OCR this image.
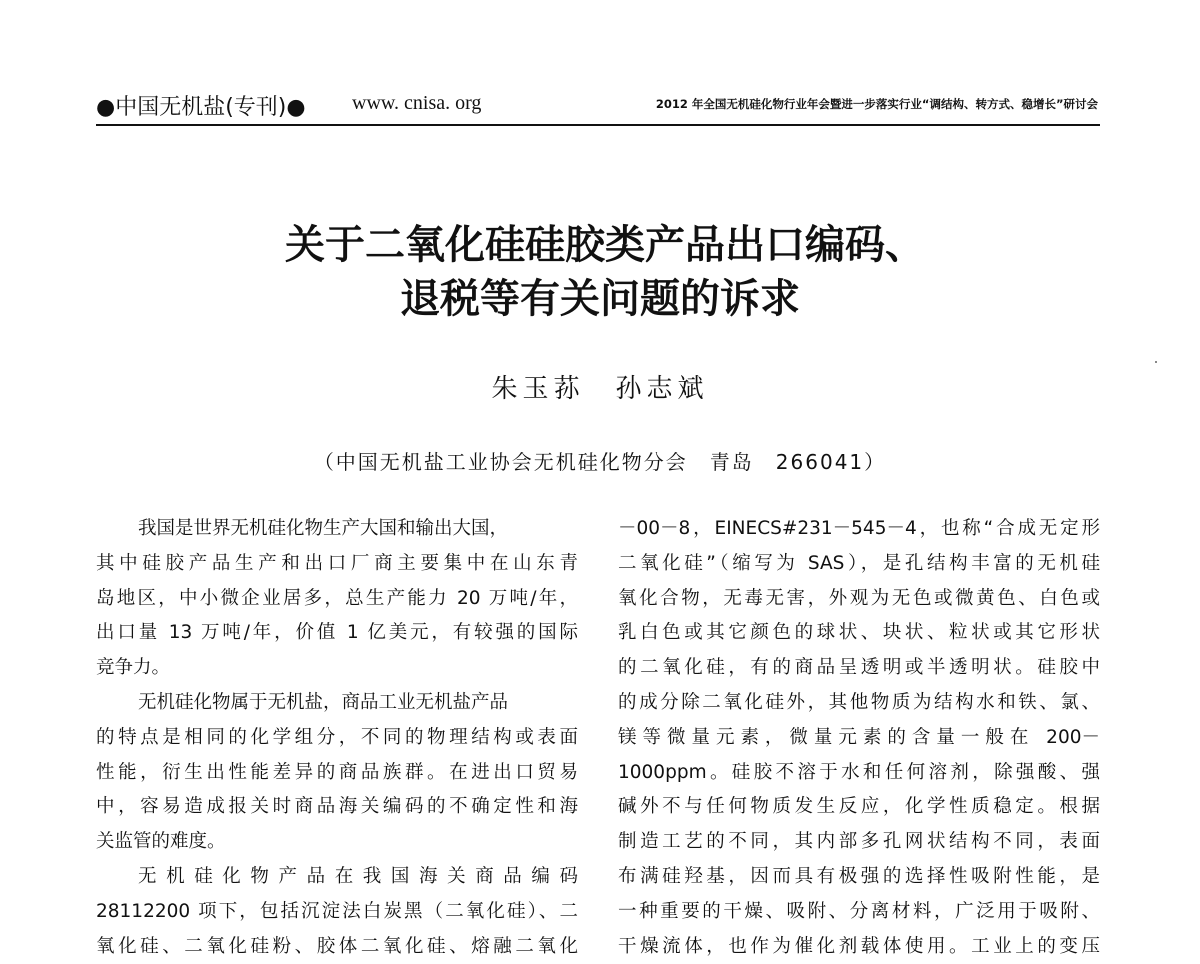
●中国无机盐(专刊)● www. cnisa. org	2012 年全国无机硅化物行业年会暨进一步落实行业“调结构、转方式、稳增长”研讨会
关于二氧化硅硅胶类产品出口编码、
退税等有关问题的诉求
朱玉荪　孙志斌
（中国无机盐工业协会无机硅化物分会　青岛　266041）
我国是世界无机硅化物生产大国和输出大国，
其中硅胶产品生产和出口厂商主要集中在山东青
岛地区，中小微企业居多，总生产能力 20 万吨/年，
出口量 13 万吨/年，价值 1 亿美元，有较强的国际
竞争力。
无机硅化物属于无机盐，商品工业无机盐产品
的特点是相同的化学组分，不同的物理结构或表面
性能，衍生出性能差异的商品族群。在进出口贸易
中，容易造成报关时商品海关编码的不确定性和海
关监管的难度。
无机硅化物产品在我国海关商品编码
28112200 项下，包括沉淀法白炭黑（二氧化硅）、二
氧化硅、二氧化硅粉、胶体二氧化硅、熔融二氧化
－00－8，EINECS#231－545－4，也称“合成无定形
二氧化硅”（缩写为 SAS），是孔结构丰富的无机硅
氧化合物，无毒无害，外观为无色或微黄色、白色或
乳白色或其它颜色的球状、块状、粒状或其它形状
的二氧化硅，有的商品呈透明或半透明状。硅胶中
的成分除二氧化硅外，其他物质为结构水和铁、氯、
镁等微量元素，微量元素的含量一般在 200－
1000ppm。硅胶不溶于水和任何溶剂，除强酸、强
碱外不与任何物质发生反应，化学性质稳定。根据
制造工艺的不同，其内部多孔网状结构不同，表面
布满硅羟基，因而具有极强的选择性吸附性能，是
一种重要的干燥、吸附、分离材料，广泛用于吸附、
干燥流体，也作为催化剂载体使用。工业上的变压
